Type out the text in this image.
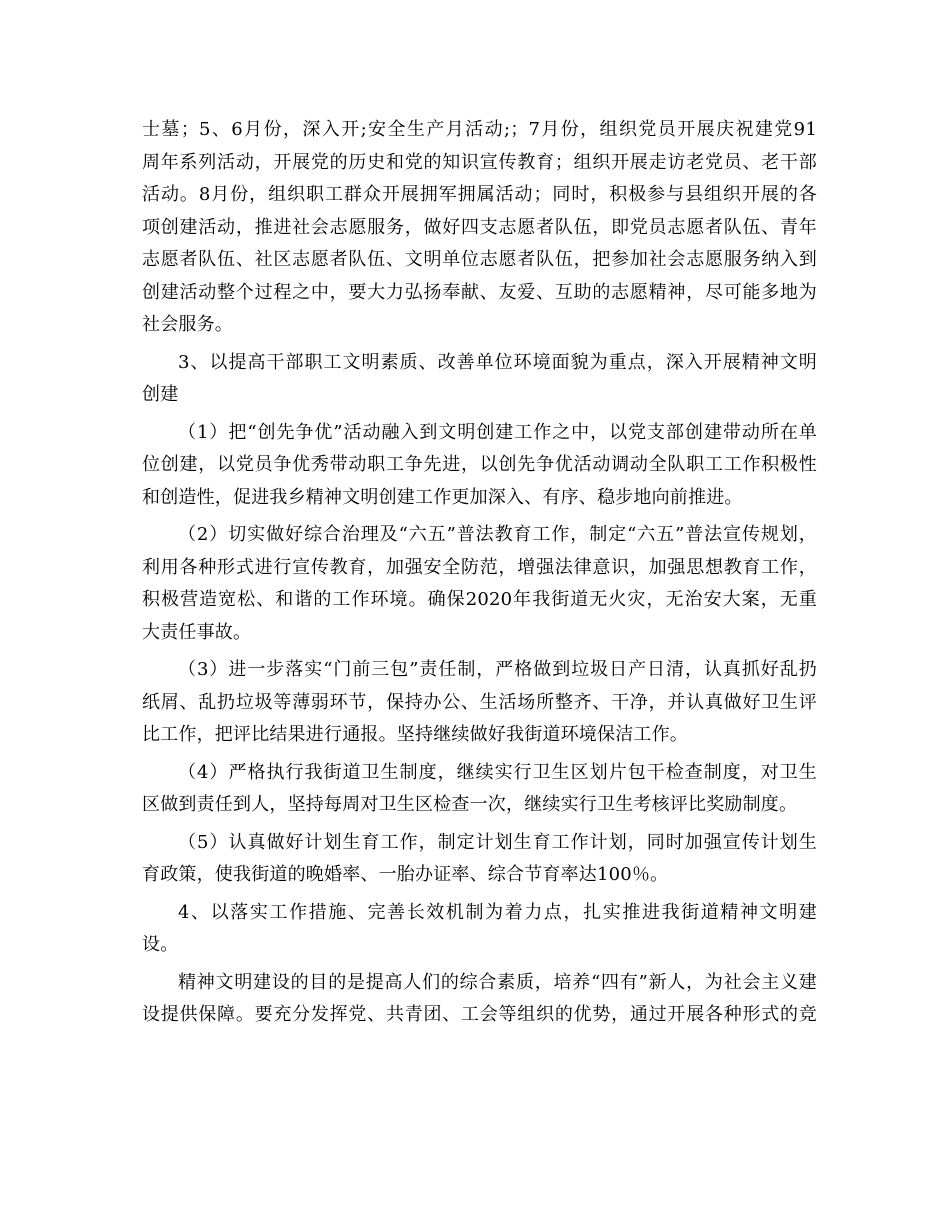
士墓；5、6月份，深入开;安全生产月活动;；7月份，组织党员开展庆祝建党91
周年系列活动，开展党的历史和党的知识宣传教育；组织开展走访老党员、老干部
活动。8月份，组织职工群众开展拥军拥属活动；同时，积极参与县组织开展的各
项创建活动，推进社会志愿服务，做好四支志愿者队伍，即党员志愿者队伍、青年
志愿者队伍、社区志愿者队伍、文明单位志愿者队伍，把参加社会志愿服务纳入到
创建活动整个过程之中，要大力弘扬奉献、友爱、互助的志愿精神，尽可能多地为
社会服务。
3、以提高干部职工文明素质、改善单位环境面貌为重点，深入开展精神文明
创建
（1）把“创先争优”活动融入到文明创建工作之中，以党支部创建带动所在单
位创建，以党员争优秀带动职工争先进，以创先争优活动调动全队职工工作积极性
和创造性，促进我乡精神文明创建工作更加深入、有序、稳步地向前推进。
（2）切实做好综合治理及“六五”普法教育工作，制定“六五”普法宣传规划，
利用各种形式进行宣传教育，加强安全防范，增强法律意识，加强思想教育工作，
积极营造宽松、和谐的工作环境。确保2020年我街道无火灾，无治安大案，无重
大责任事故。
（3）进一步落实“门前三包”责任制，严格做到垃圾日产日清，认真抓好乱扔
纸屑、乱扔垃圾等薄弱环节，保持办公、生活场所整齐、干净，并认真做好卫生评
比工作，把评比结果进行通报。坚持继续做好我街道环境保洁工作。
（4）严格执行我街道卫生制度，继续实行卫生区划片包干检查制度，对卫生
区做到责任到人，坚持每周对卫生区检查一次，继续实行卫生考核评比奖励制度。
（5）认真做好计划生育工作，制定计划生育工作计划，同时加强宣传计划生
育政策，使我街道的晚婚率、一胎办证率、综合节育率达100％。
4、以落实工作措施、完善长效机制为着力点，扎实推进我街道精神文明建
设。
精神文明建设的目的是提高人们的综合素质，培养“四有”新人，为社会主义建
设提供保障。要充分发挥党、共青团、工会等组织的优势，通过开展各种形式的竞
